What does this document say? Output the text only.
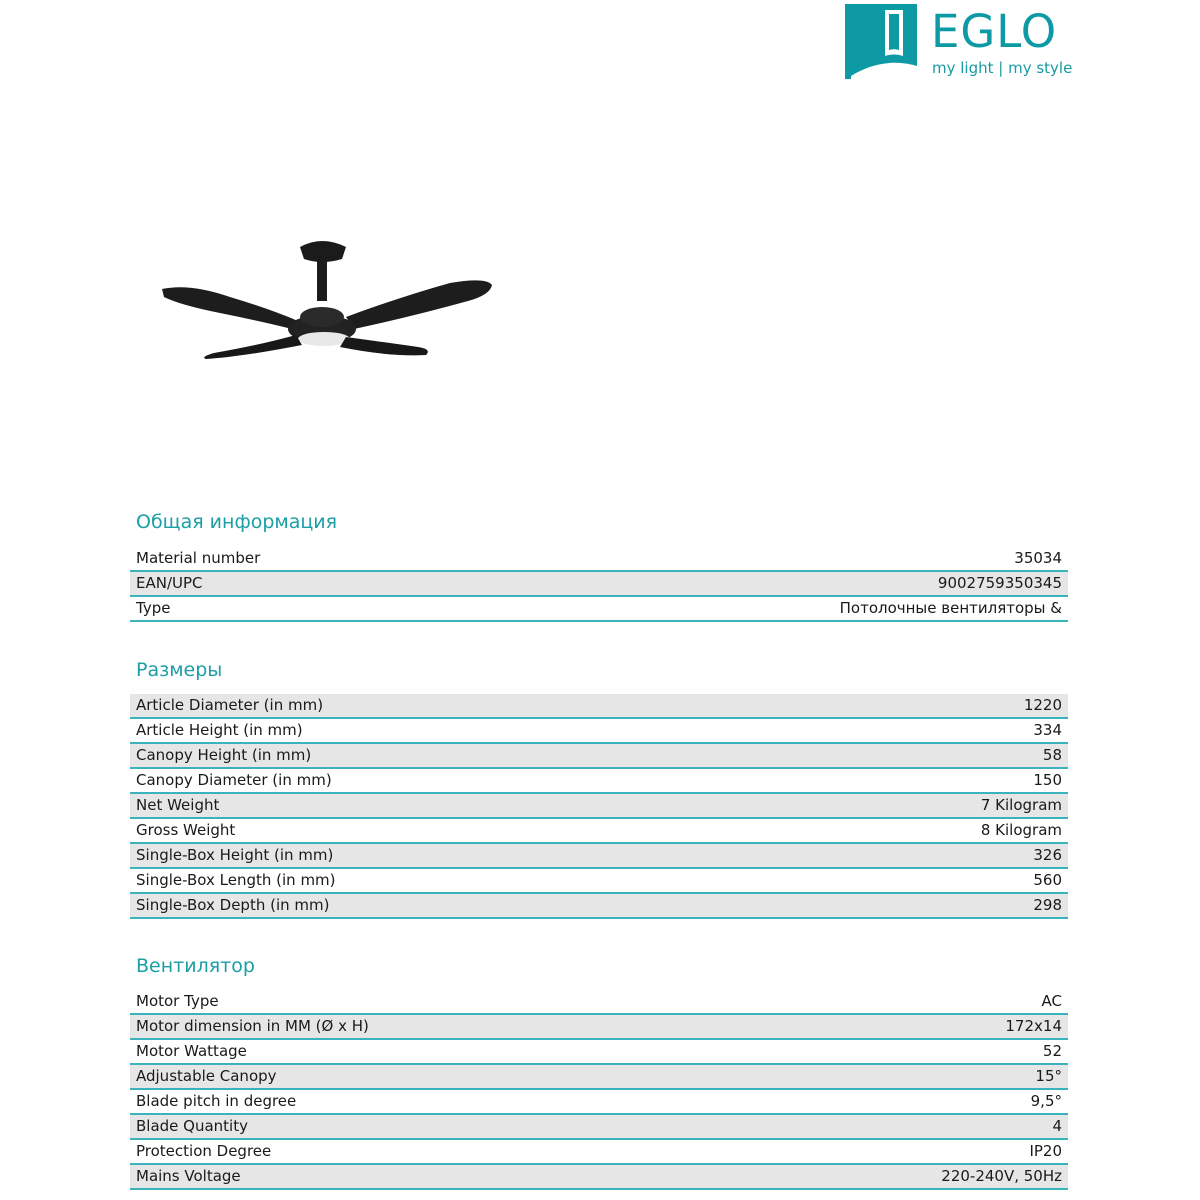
EGLO
my light | my style
Общая информация
Material number	35034
EAN/UPC	9002759350345
Type	Потолочные вентиляторы &
Размеры
Article Diameter (in mm)	1220
Article Height (in mm)	334
Canopy Height (in mm)	58
Canopy Diameter (in mm)	150
Net Weight	7 Kilogram
Gross Weight	8 Kilogram
Single-Box Height (in mm)	326
Single-Box Length (in mm)	560
Single-Box Depth (in mm)	298
Вентилятор
Motor Type	AC
Motor dimension in MM (Ø x H)	172x14
Motor Wattage	52
Adjustable Canopy	15°
Blade pitch in degree	9,5°
Blade Quantity	4
Protection Degree	IP20
Mains Voltage	220-240V, 50Hz
